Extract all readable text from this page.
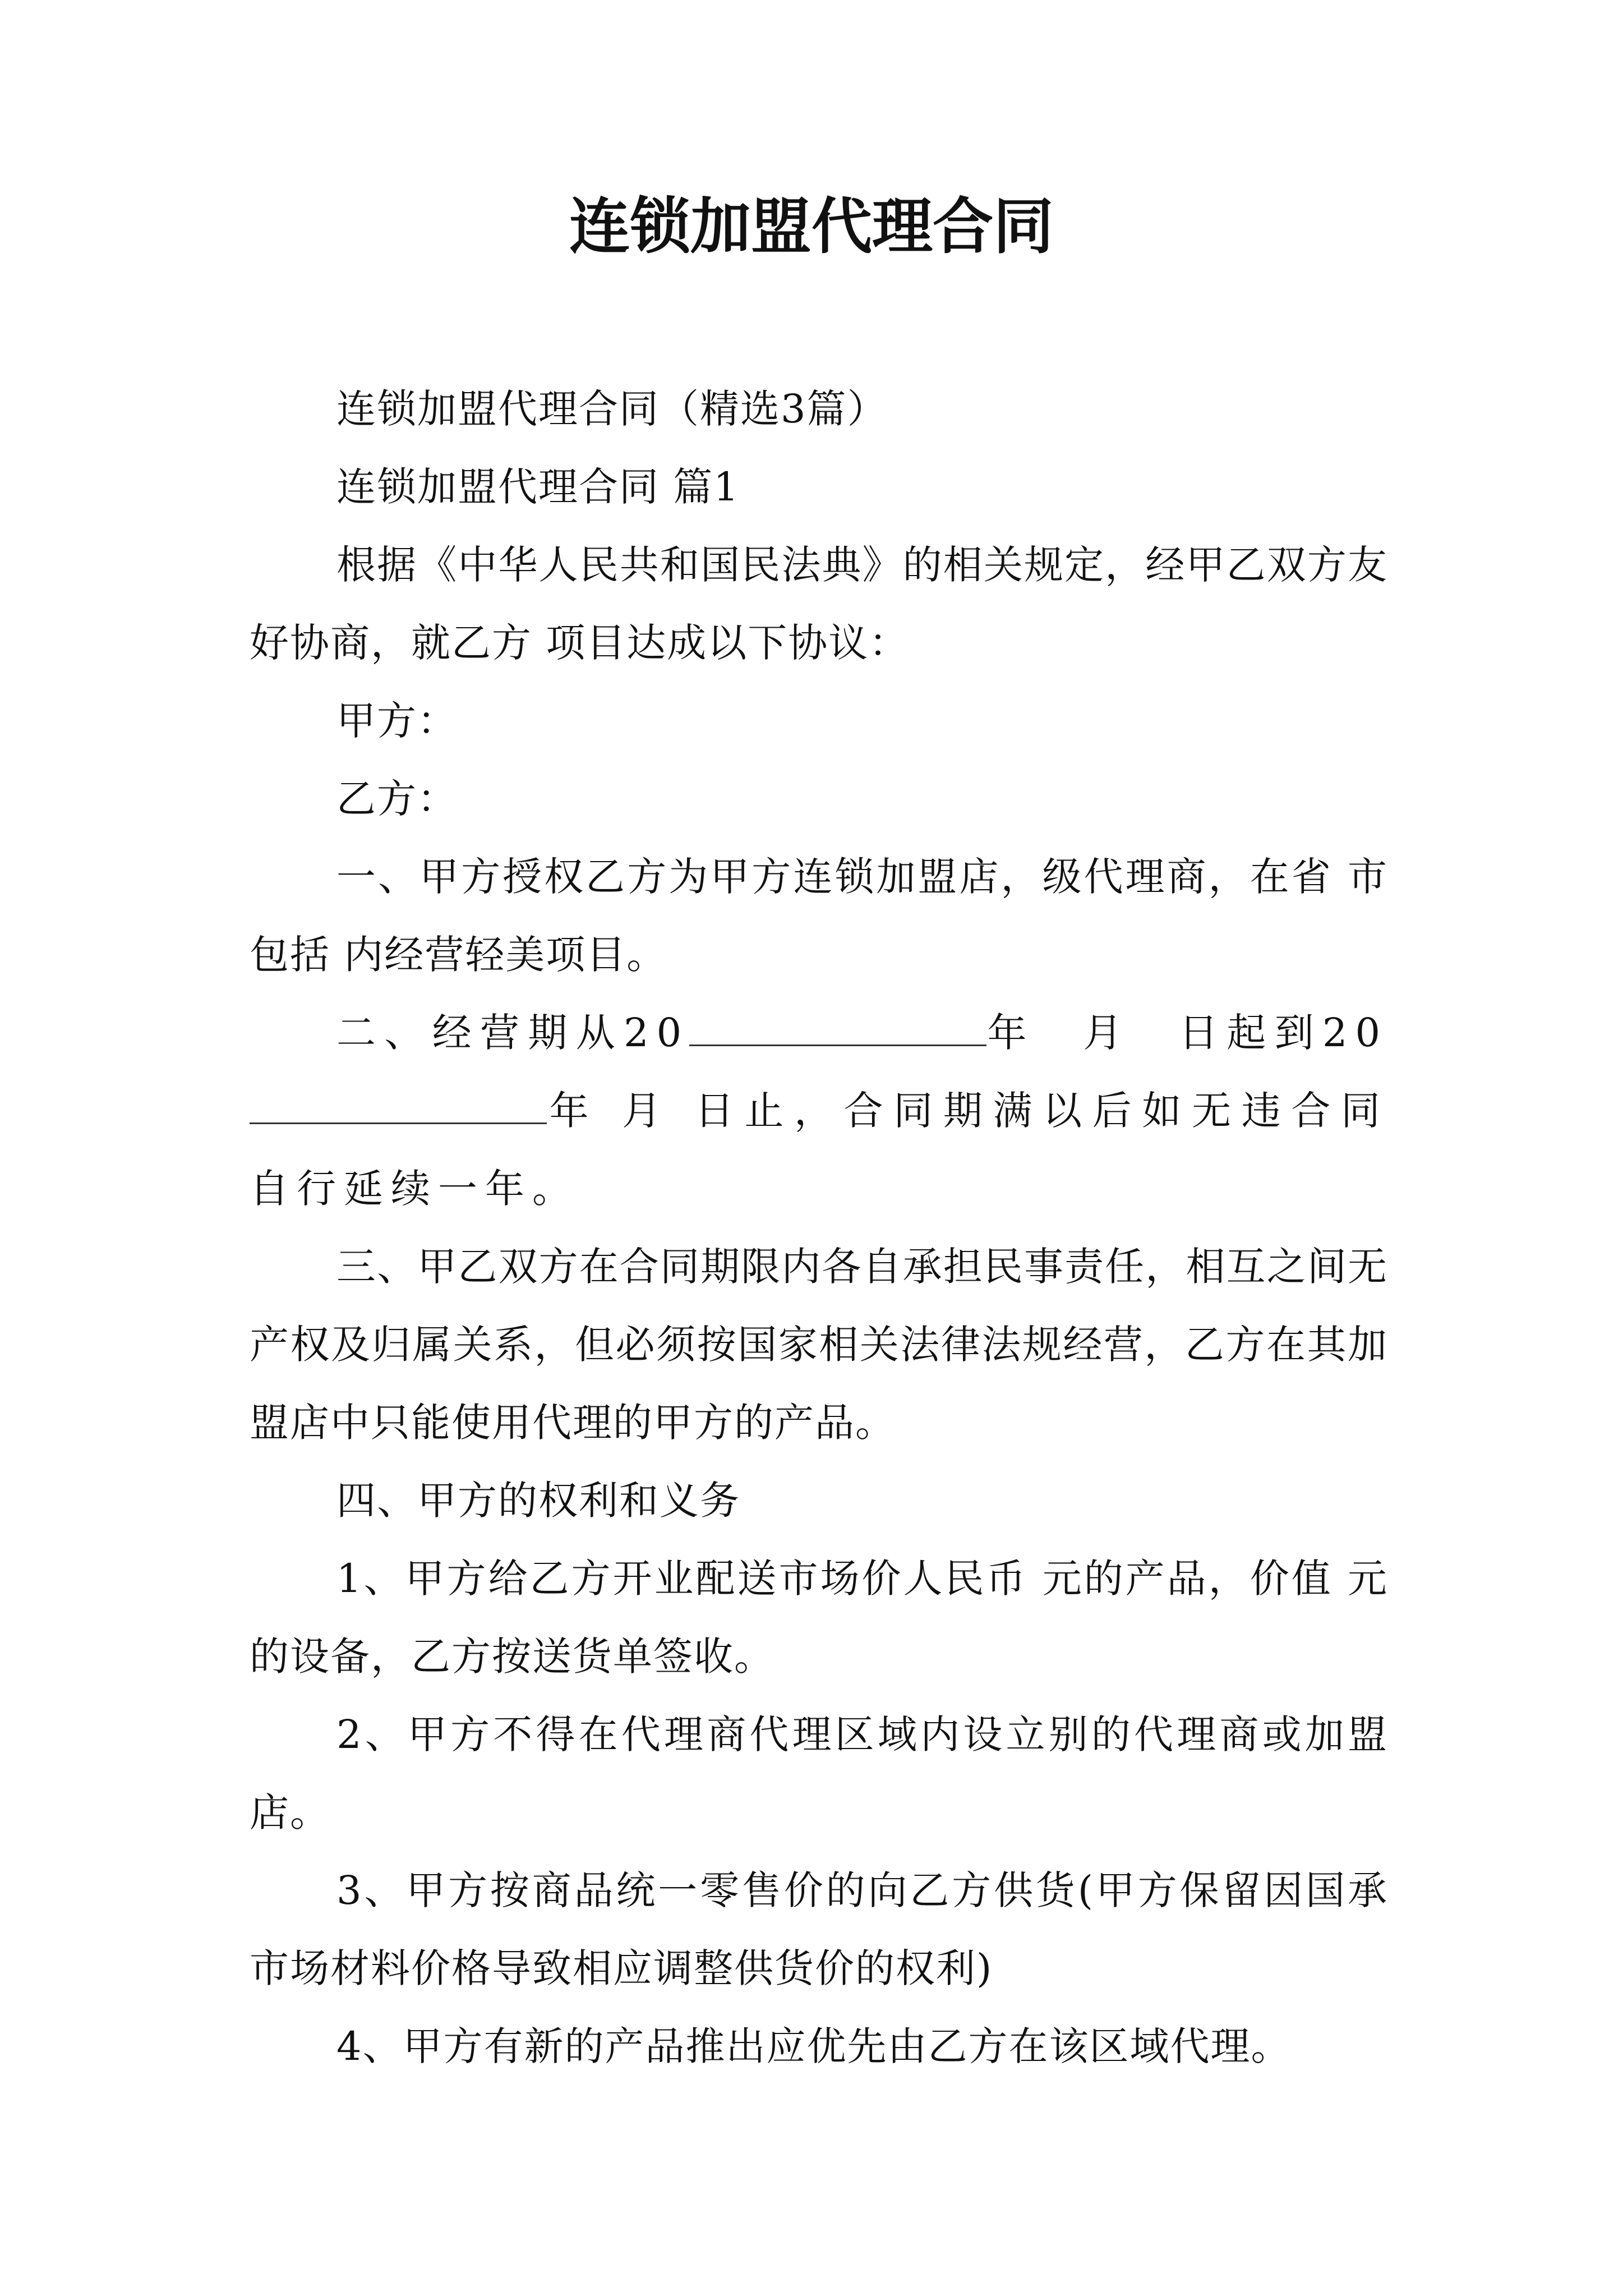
连锁加盟代理合同

连锁加盟代理合同（精选3篇）

连锁加盟代理合同 篇1

根据《中华人民共和国民法典》的相关规定，经甲乙双方友好协商，就乙方 项目达成以下协议：

甲方：

乙方：

一、甲方授权乙方为甲方连锁加盟店，级代理商，在省 市包括 内经营轻美项目。

二、经营期从20	年　月　日起到20年 月 日止，合同期满以后如无违合同自行延续一年。

三、甲乙双方在合同期限内各自承担民事责任，相互之间无产权及归属关系，但必须按国家相关法律法规经营，乙方在其加盟店中只能使用代理的甲方的产品。

四、甲方的权利和义务

1、甲方给乙方开业配送市场价人民币 元的产品，价值 元的设备，乙方按送货单签收。

2、甲方不得在代理商代理区域内设立别的代理商或加盟店。

3、甲方按商品统一零售价的向乙方供货(甲方保留因国承市场材料价格导致相应调整供货价的权利)

4、甲方有新的产品推出应优先由乙方在该区域代理。
